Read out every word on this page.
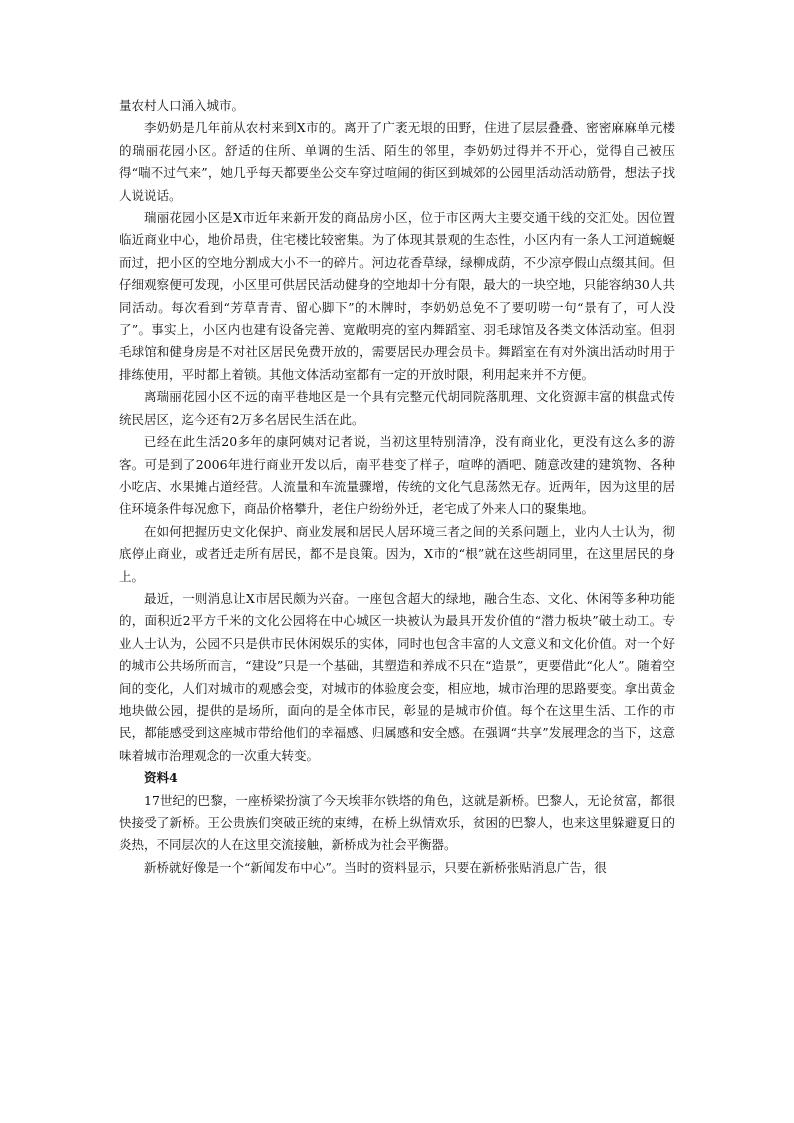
量农村人口涌入城市。

李奶奶是几年前从农村来到X市的。离开了广袤无垠的田野，住进了层层叠叠、密密麻麻单元楼的瑞丽花园小区。舒适的住所、单调的生活、陌生的邻里，李奶奶过得并不开心，觉得自己被压得“喘不过气来”，她几乎每天都要坐公交车穿过喧闹的街区到城郊的公园里活动活动筋骨，想法子找人说说话。

瑞丽花园小区是X市近年来新开发的商品房小区，位于市区两大主要交通干线的交汇处。因位置临近商业中心，地价昂贵，住宅楼比较密集。为了体现其景观的生态性，小区内有一条人工河道蜿蜒而过，把小区的空地分割成大小不一的碎片。河边花香草绿，绿柳成荫，不少凉亭假山点缀其间。但仔细观察便可发现，小区里可供居民活动健身的空地却十分有限，最大的一块空地，只能容纳30人共同活动。每次看到“芳草青青、留心脚下”的木牌时，李奶奶总免不了要叨唠一句“景有了，可人没了”。事实上，小区内也建有设备完善、宽敞明亮的室内舞蹈室、羽毛球馆及各类文体活动室。但羽毛球馆和健身房是不对社区居民免费开放的，需要居民办理会员卡。舞蹈室在有对外演出活动时用于排练使用，平时都上着锁。其他文体活动室都有一定的开放时限，利用起来并不方便。

离瑞丽花园小区不远的南平巷地区是一个具有完整元代胡同院落肌理、文化资源丰富的棋盘式传统民居区，迄今还有2万多名居民生活在此。

已经在此生活20多年的康阿姨对记者说，当初这里特别清净，没有商业化，更没有这么多的游客。可是到了2006年进行商业开发以后，南平巷变了样子，喧哗的酒吧、随意改建的建筑物、各种小吃店、水果摊占道经营。人流量和车流量骤增，传统的文化气息荡然无存。近两年，因为这里的居住环境条件每况愈下，商品价格攀升，老住户纷纷外迁，老宅成了外来人口的聚集地。

在如何把握历史文化保护、商业发展和居民人居环境三者之间的关系问题上，业内人士认为，彻底停止商业，或者迁走所有居民，都不是良策。因为，X市的“根”就在这些胡同里，在这里居民的身上。

最近，一则消息让X市居民颇为兴奋。一座包含超大的绿地，融合生态、文化、休闲等多种功能的，面积近2平方千米的文化公园将在中心城区一块被认为最具开发价值的“潜力板块”破土动工。专业人士认为，公园不只是供市民休闲娱乐的实体，同时也包含丰富的人文意义和文化价值。对一个好的城市公共场所而言，“建设”只是一个基础，其塑造和养成不只在“造景”，更要借此“化人”。随着空间的变化，人们对城市的观感会变，对城市的体验度会变，相应地，城市治理的思路要变。拿出黄金地块做公园，提供的是场所，面向的是全体市民，彰显的是城市价值。每个在这里生活、工作的市民，都能感受到这座城市带给他们的幸福感、归属感和安全感。在强调“共享”发展理念的当下，这意味着城市治理观念的一次重大转变。

资料4

17世纪的巴黎，一座桥梁扮演了今天埃菲尔铁塔的角色，这就是新桥。巴黎人，无论贫富，都很快接受了新桥。王公贵族们突破正统的束缚，在桥上纵情欢乐，贫困的巴黎人，也来这里躲避夏日的炎热，不同层次的人在这里交流接触，新桥成为社会平衡器。

新桥就好像是一个“新闻发布中心”。当时的资料显示，只要在新桥张贴消息广告，很
